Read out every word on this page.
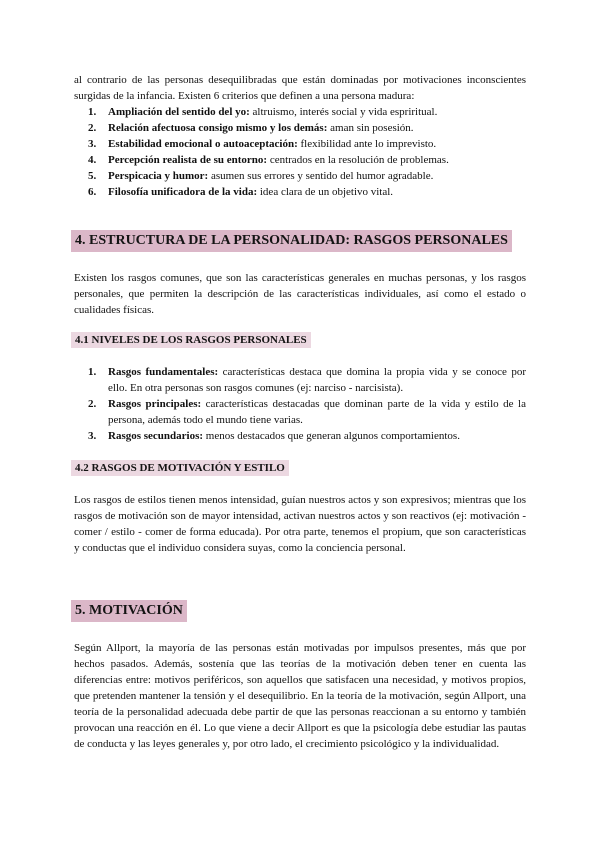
al contrario de las personas desequilibradas que están dominadas por motivaciones inconscientes surgidas de la infancia. Existen 6 criterios que definen a una persona madura:

1. Ampliación del sentido del yo: altruismo, interés social y vida espriritual.
2. Relación afectuosa consigo mismo y los demás: aman sin posesión.
3. Estabilidad emocional o autoaceptación: flexibilidad ante lo imprevisto.
4. Percepción realista de su entorno: centrados en la resolución de problemas.
5. Perspicacia y humor: asumen sus errores y sentido del humor agradable.
6. Filosofía unificadora de la vida: idea clara de un objetivo vital.
4. ESTRUCTURA DE LA PERSONALIDAD: RASGOS PERSONALES

Existen los rasgos comunes, que son las características generales en muchas personas, y los rasgos personales, que permiten la descripción de las características individuales, así como el estado o cualidades físicas.

4.1 NIVELES DE LOS RASGOS PERSONALES
1. Rasgos fundamentales: características destaca que domina la propia vida y se conoce por ello. En otra personas son rasgos comunes (ej: narciso - narcisista).
2. Rasgos principales: características destacadas que dominan parte de la vida y estilo de la persona, además todo el mundo tiene varias.
3. Rasgos secundarios: menos destacados que generan algunos comportamientos.
4.2 RASGOS DE MOTIVACIÓN Y ESTILO

Los rasgos de estilos tienen menos intensidad, guían nuestros actos y son expresivos; mientras que los rasgos de motivación son de mayor intensidad, activan nuestros actos y son reactivos (ej: motivación - comer / estilo - comer de forma educada). Por otra parte, tenemos el propium, que son características y conductas que el individuo considera suyas, como la conciencia personal.

5. MOTIVACIÓN

Según Allport, la mayoría de las personas están motivadas por impulsos presentes, más que por hechos pasados. Además, sostenía que las teorías de la motivación deben tener en cuenta las diferencias entre: motivos periféricos, son aquellos que satisfacen una necesidad, y motivos propios, que pretenden mantener la tensión y el desequilibrio. En la teoría de la motivación, según Allport, una teoría de la personalidad adecuada debe partir de que las personas reaccionan a su entorno y también provocan una reacción en él. Lo que viene a decir Allport es que la psicología debe estudiar las pautas de conducta y las leyes generales y, por otro lado, el crecimiento psicológico y la individualidad.
